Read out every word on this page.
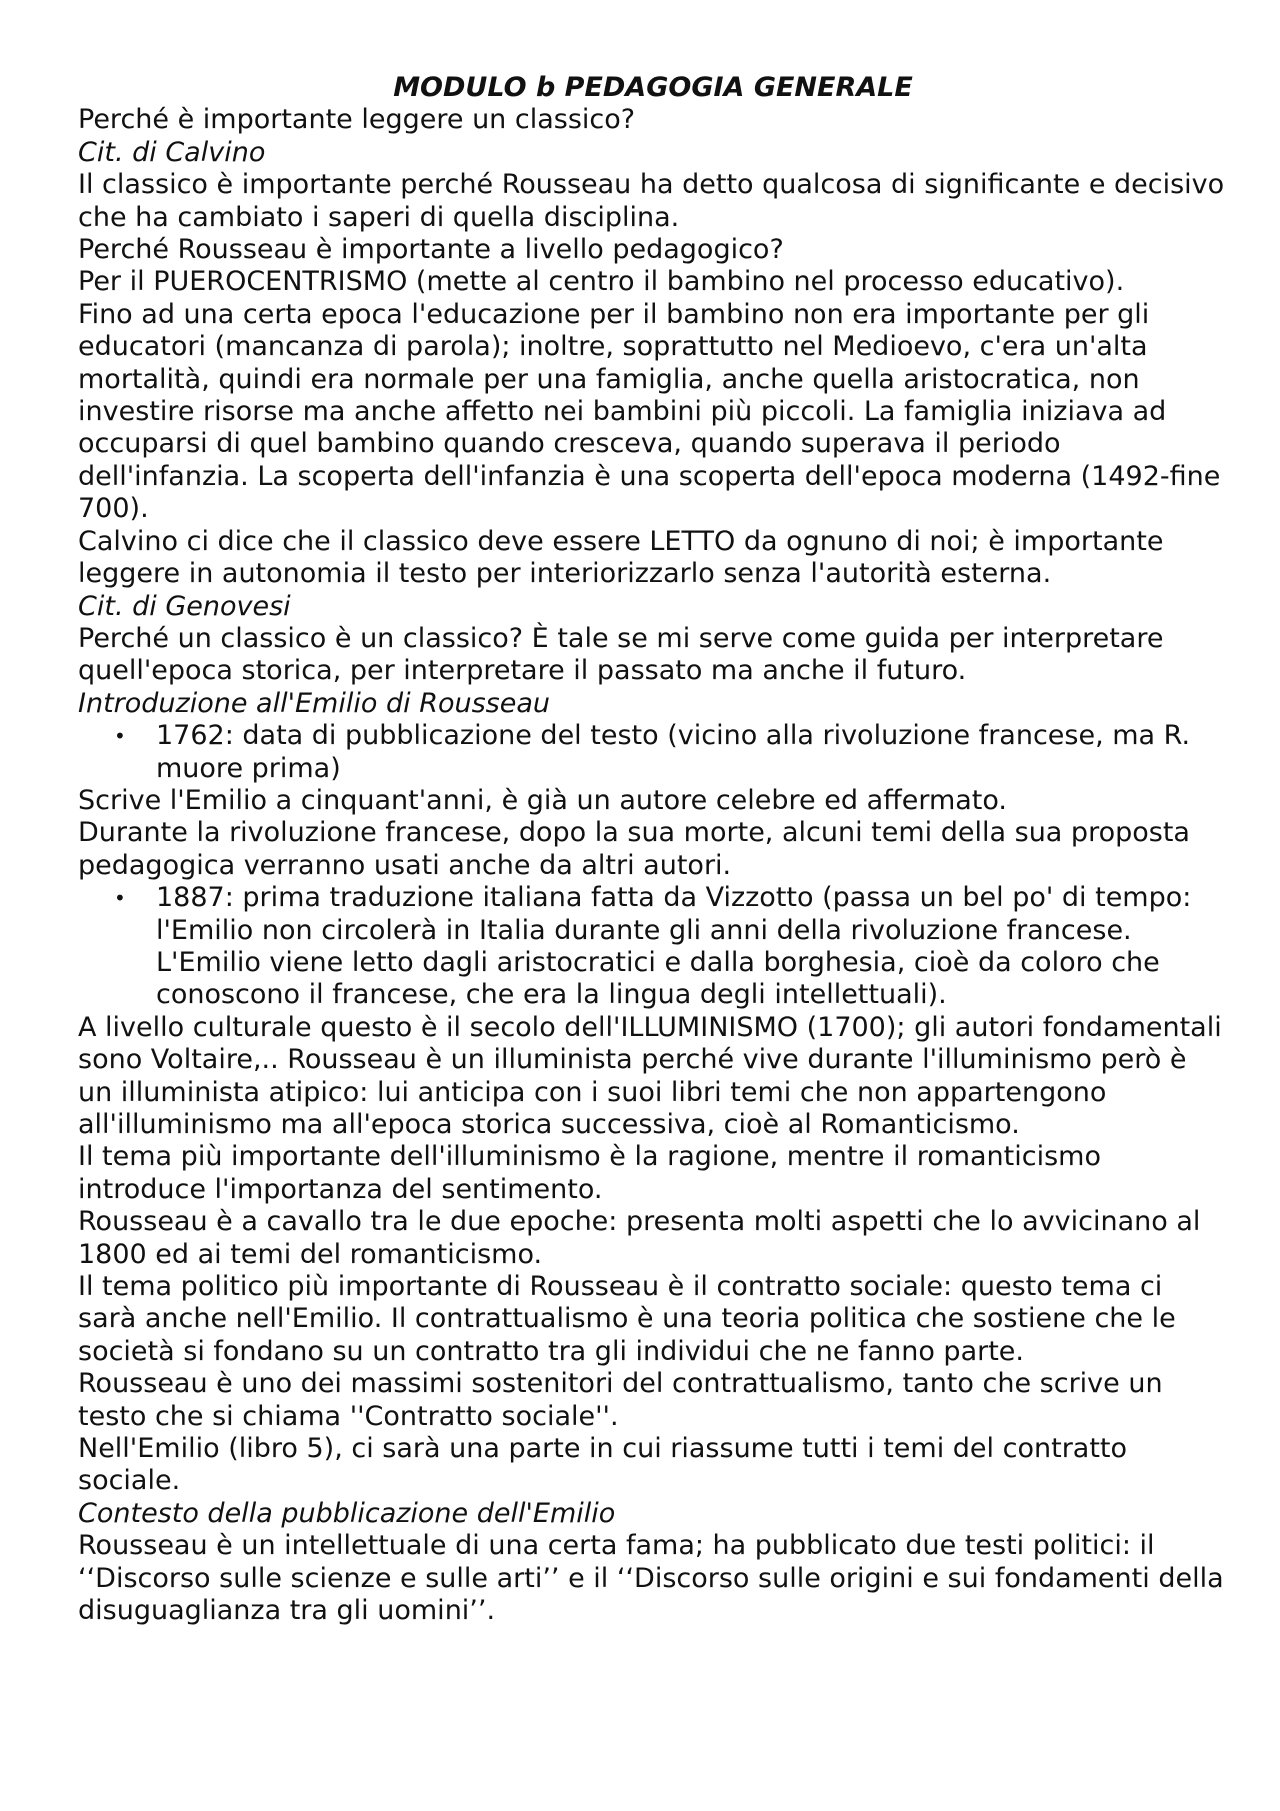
MODULO b PEDAGOGIA GENERALE

Perché è importante leggere un classico?

Cit. di Calvino

Il classico è importante perché Rousseau ha detto qualcosa di significante e decisivo che ha cambiato i saperi di quella disciplina.

Perché Rousseau è importante a livello pedagogico?

Per il PUEROCENTRISMO (mette al centro il bambino nel processo educativo).

Fino ad una certa epoca l'educazione per il bambino non era importante per gli educatori (mancanza di parola); inoltre, soprattutto nel Medioevo, c'era un'alta mortalità, quindi era normale per una famiglia, anche quella aristocratica, non investire risorse ma anche affetto nei bambini più piccoli. La famiglia iniziava ad occuparsi di quel bambino quando cresceva, quando superava il periodo dell'infanzia. La scoperta dell'infanzia è una scoperta dell'epoca moderna (1492-fine 700).

Calvino ci dice che il classico deve essere LETTO da ognuno di noi; è importante leggere in autonomia il testo per interiorizzarlo senza l'autorità esterna.

Cit. di Genovesi

Perché un classico è un classico? È tale se mi serve come guida per interpretare quell'epoca storica, per interpretare il passato ma anche il futuro.

Introduzione all'Emilio di Rousseau

• 1762: data di pubblicazione del testo (vicino alla rivoluzione francese, ma R. muore prima)

Scrive l'Emilio a cinquant'anni, è già un autore celebre ed affermato.

Durante la rivoluzione francese, dopo la sua morte, alcuni temi della sua proposta pedagogica verranno usati anche da altri autori.

• 1887: prima traduzione italiana fatta da Vizzotto (passa un bel po' di tempo: l'Emilio non circolerà in Italia durante gli anni della rivoluzione francese. L'Emilio viene letto dagli aristocratici e dalla borghesia, cioè da coloro che conoscono il francese, che era la lingua degli intellettuali).

A livello culturale questo è il secolo dell'ILLUMINISMO (1700); gli autori fondamentali sono Voltaire,.. Rousseau è un illuminista perché vive durante l'illuminismo però è un illuminista atipico: lui anticipa con i suoi libri temi che non appartengono all'illuminismo ma all'epoca storica successiva, cioè al Romanticismo.

Il tema più importante dell'illuminismo è la ragione, mentre il romanticismo introduce l'importanza del sentimento.

Rousseau è a cavallo tra le due epoche: presenta molti aspetti che lo avvicinano al 1800 ed ai temi del romanticismo.

Il tema politico più importante di Rousseau è il contratto sociale: questo tema ci sarà anche nell'Emilio. Il contrattualismo è una teoria politica che sostiene che le società si fondano su un contratto tra gli individui che ne fanno parte.

Rousseau è uno dei massimi sostenitori del contrattualismo, tanto che scrive un testo che si chiama ''Contratto sociale''.

Nell'Emilio (libro 5), ci sarà una parte in cui riassume tutti i temi del contratto sociale.

Contesto della pubblicazione dell'Emilio

Rousseau è un intellettuale di una certa fama; ha pubblicato due testi politici: il ‘‘Discorso sulle scienze e sulle arti’’ e il ‘‘Discorso sulle origini e sui fondamenti della disuguaglianza tra gli uomini’’.
